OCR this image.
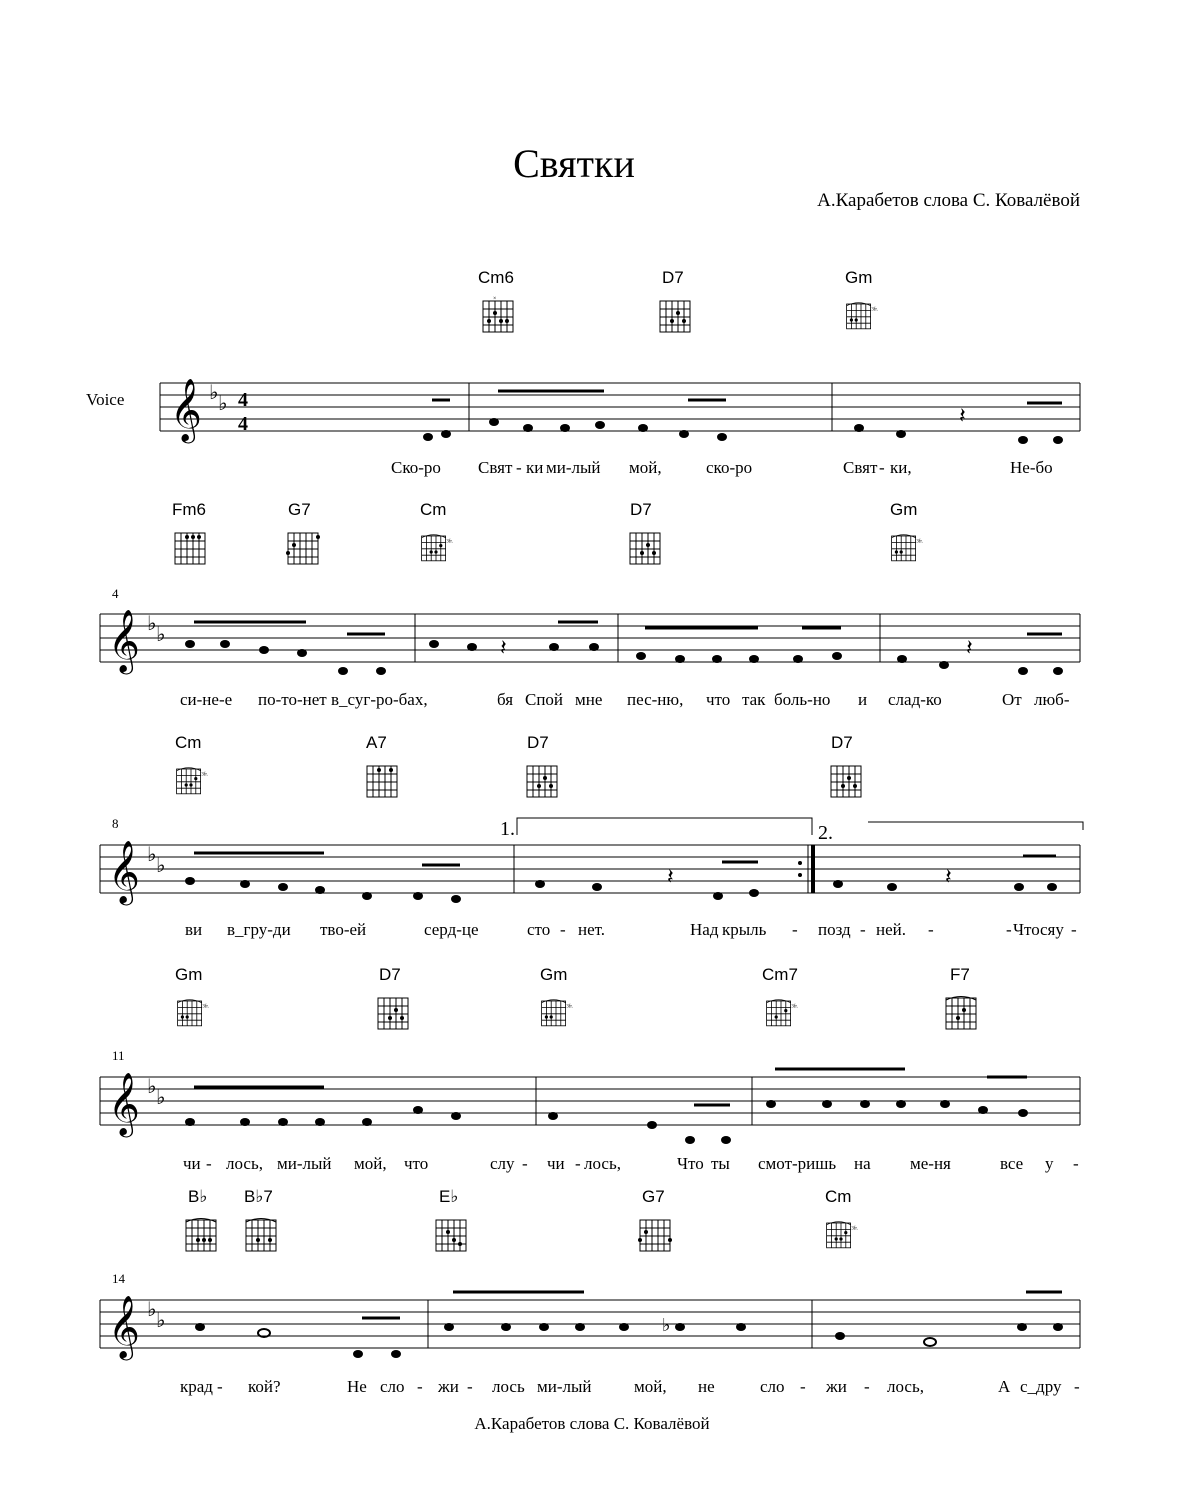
Святки
А.Карабетов слова С. Ковалёвой
Voice
Cm6	D7	Gm
×
3fr.
Fm6	G7	Cm	D7	Gm
3fr.	3fr.
Cm	A7	D7	D7
3fr.
Gm	D7	Gm	Cm7	F7
3fr.	3fr.	3fr.
B♭ B♭7	E♭	G7	Cm
3fr.
𝄞 ♭ ♭ 4
4	𝄽
𝄞 ♭ ♭	𝄽	𝄽
4
𝄞 ♭ ♭	𝄽	𝄽
8	1.	2.
𝄞 ♭ ♭
11
𝄞 ♭ ♭	♭
14
Ско-ро Свят - ки ми-лый мой,	ско-ро	Свят - ки,	Не-бо
си-не-е по-то-нет в_суг-ро-бах,	бя Спой мне пес-ню, что так боль-но и слад-ко	От люб-
ви в_гру-ди тво-ей	серд-це	сто - нет.	Над крыль - позд - ней. -	- Что сяу -
чи - лось, ми-лый мой, что	слу - чи - лось,	Что ты смот-ришь на ме-ня	все у -
крад - кой?	Не сло - жи - лось ми-лый мой, не	сло - жи - лось,	А с_дру -
А.Карабетов слова С. Ковалёвой
